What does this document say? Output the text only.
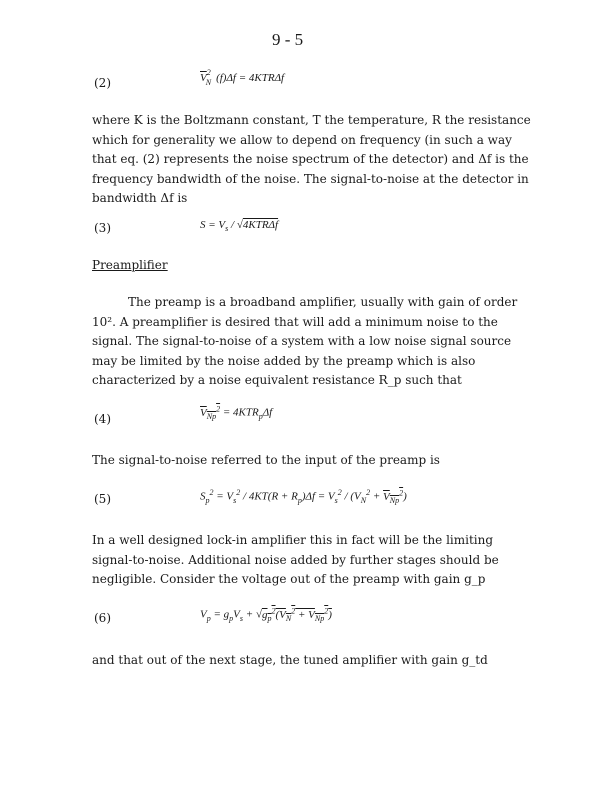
9 - 5
(2)	$\overline{V}^2_N$ (f)Δf = 4KTRΔf
where K is the Boltzmann constant, T the temperature, R the resistance which for generality we allow to depend on frequency (in such a way that eq. (2) represents the noise spectrum of the detector) and Δf is the frequency bandwidth of the noise. The signal-to-noise at the detector in bandwidth Δf is
(3)	$S = V_s / √4KTR\Delta f$
Preamplifier
The preamp is a broadband amplifier, usually with gain of order 10². A preamplifier is desired that will add a minimum noise to the signal. The signal-to-noise of a system with a low noise signal source may be limited by the noise added by the preamp which is also characterized by a noise equivalent resistance R_p such that
(4)	$V_{Np}^2 = 4KTR_p\Delta f$
The signal-to-noise referred to the input of the preamp is
(5)	$S_p^2 = V_s^2 / 4KT(R + R_p)\Delta f = V_s^2 / (V_N^2 + V_{Np}^2)$
In a well designed lock-in amplifier this in fact will be the limiting signal-to-noise. Additional noise added by further stages should be negligible. Consider the voltage out of the preamp with gain g_p
(6)	$V_p = g_pV_s + √g_p^2(V_N^2 + V_{Np}^2)$
and that out of the next stage, the tuned amplifier with gain g_td
